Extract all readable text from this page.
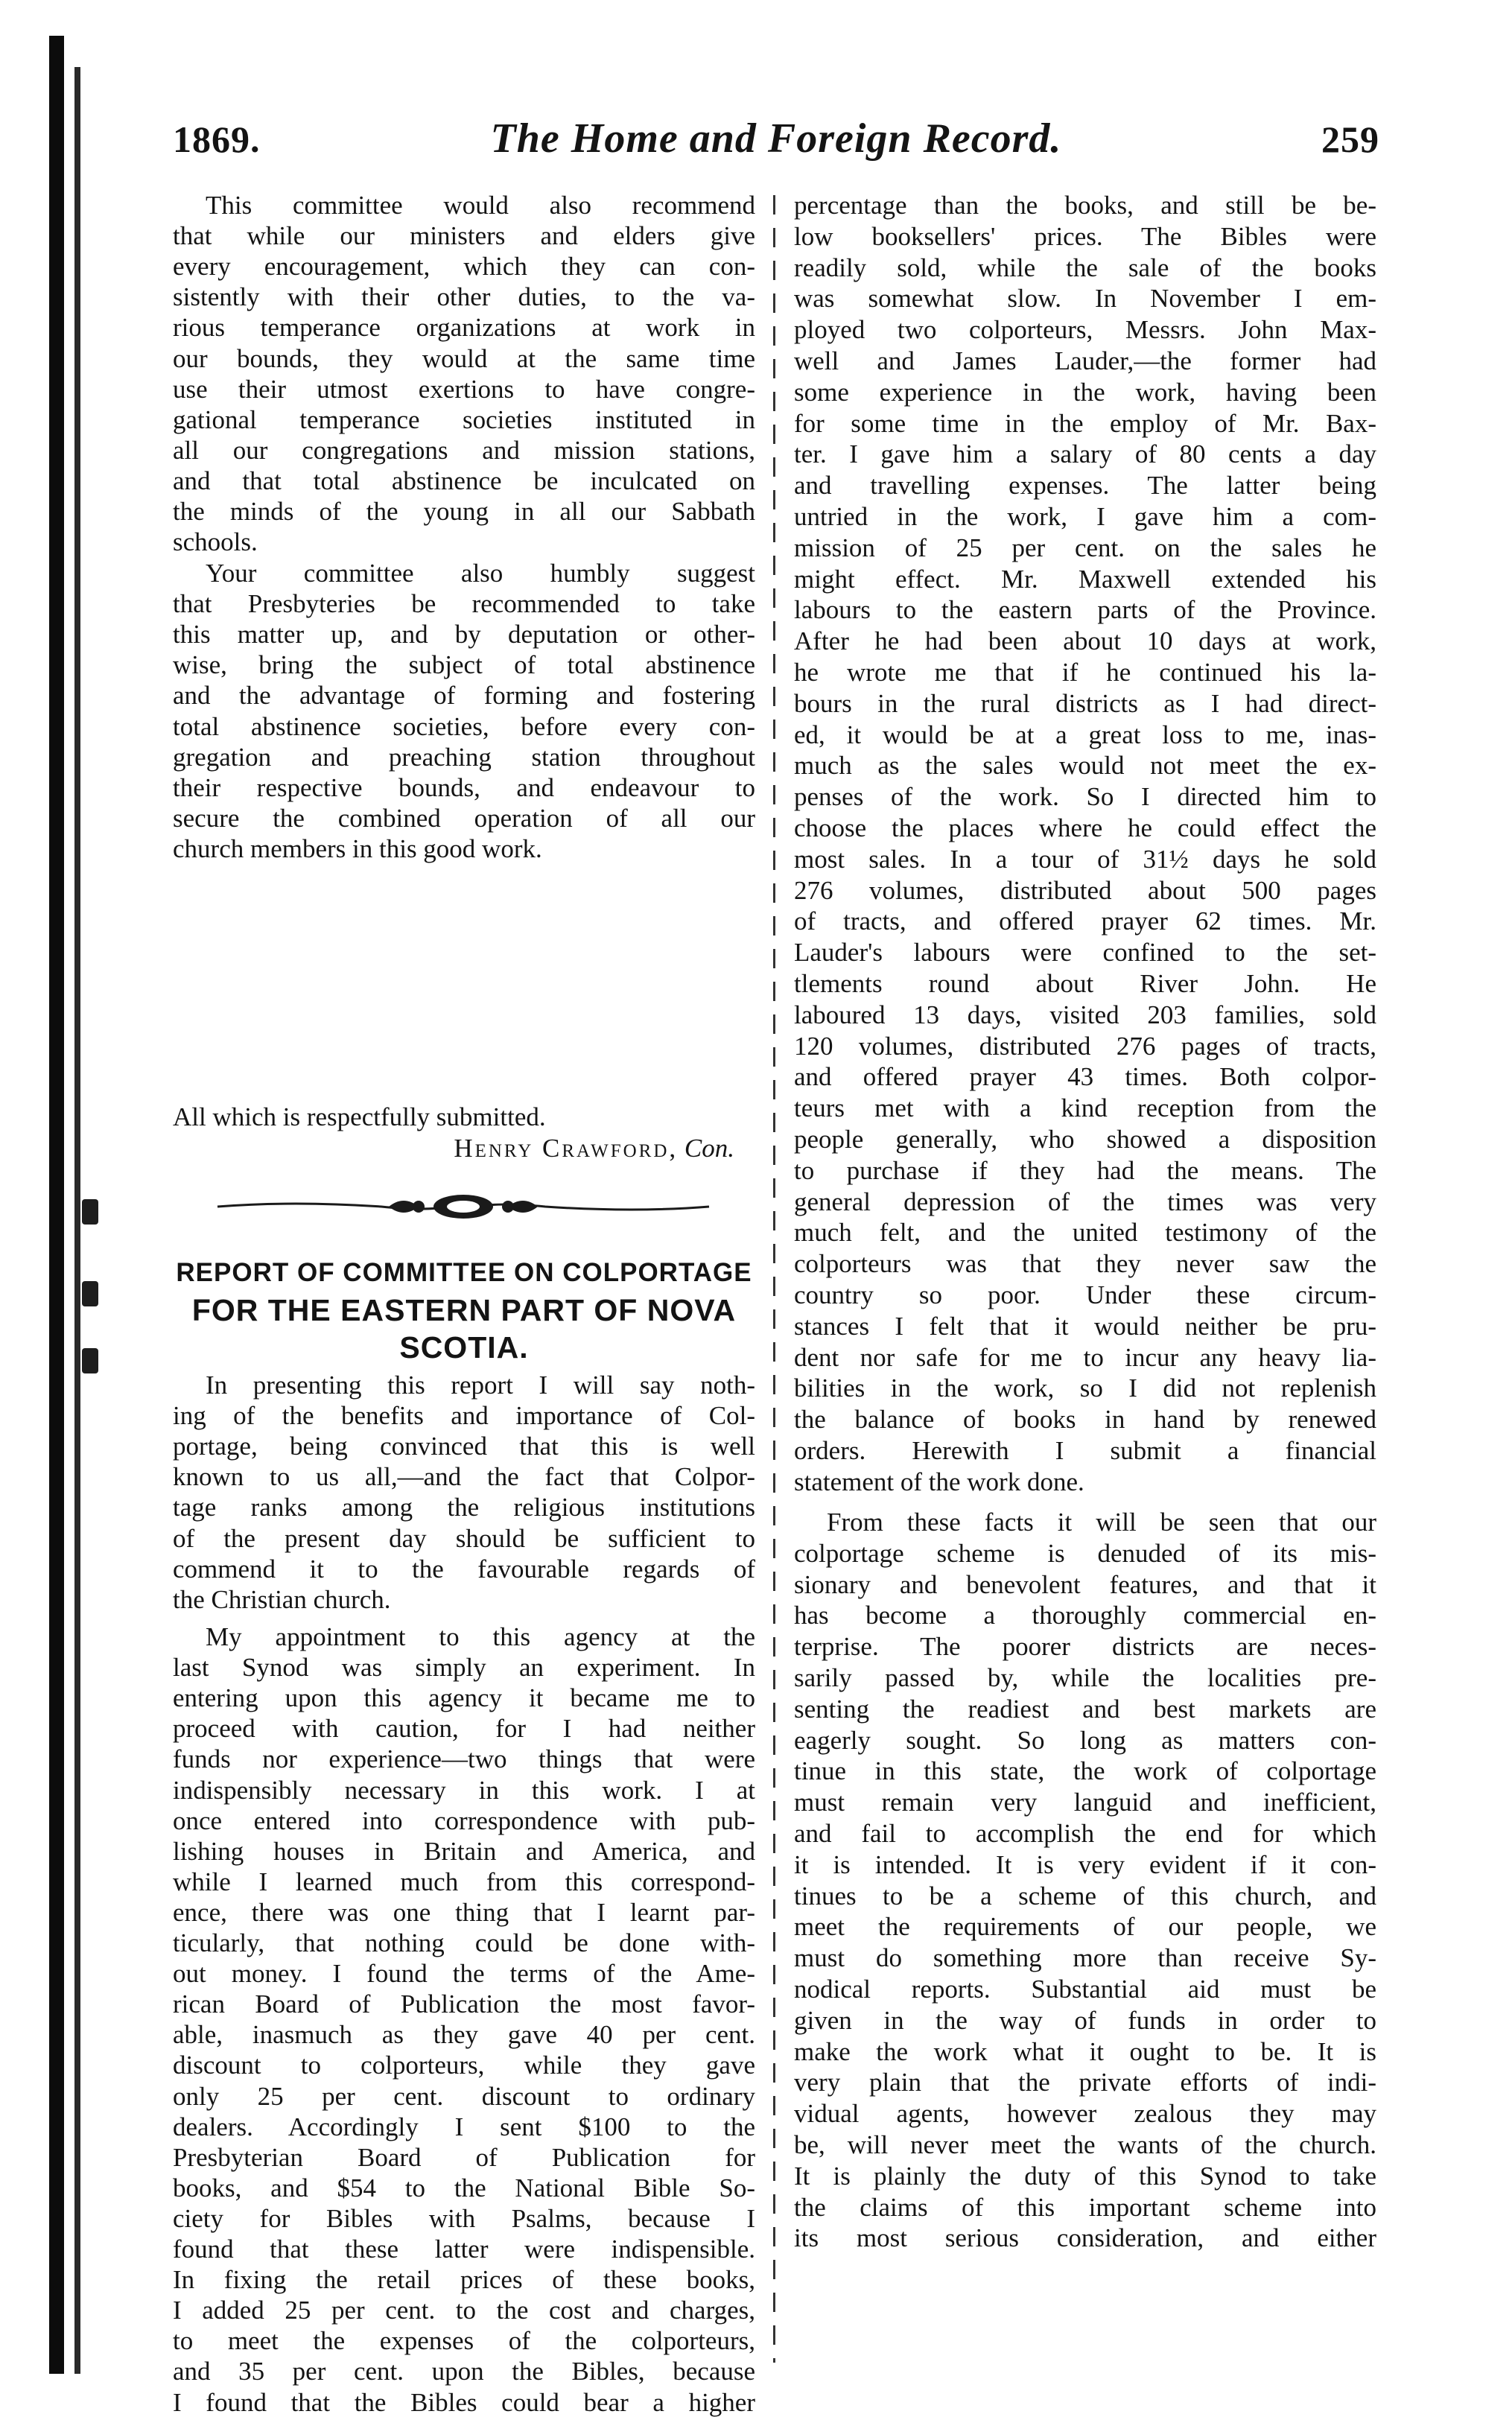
1869.	The Home and Foreign Record.	259
All which is respectfully submitted.
Henry Crawford, Con.
This committee would also recommend
that while our ministers and elders give
every encouragement, which they can con-
sistently with their other duties, to the va-
rious temperance organizations at work in
our bounds, they would at the same time
use their utmost exertions to have congre-
gational temperance societies instituted in
all our congregations and mission stations,
and that total abstinence be inculcated on
the minds of the young in all our Sabbath
schools.
Your committee also humbly suggest
that Presbyteries be recommended to take
this matter up, and by deputation or other-
wise, bring the subject of total abstinence
and the advantage of forming and fostering
total abstinence societies, before every con-
gregation and preaching station throughout
their respective bounds, and endeavour to
secure the combined operation of all our
church members in this good work.
REPORT OF COMMITTEE ON COLPORTAGE
FOR THE EASTERN PART OF NOVA
SCOTIA.
In presenting this report I will say noth-
ing of the benefits and importance of Col-
portage, being convinced that this is well
known to us all,—and the fact that Colpor-
tage ranks among the religious institutions
of the present day should be sufficient to
commend it to the favourable regards of
the Christian church.
My appointment to this agency at the
last Synod was simply an experiment. In
entering upon this agency it became me to
proceed with caution, for I had neither
funds nor experience—two things that were
indispensibly necessary in this work. I at
once entered into correspondence with pub-
lishing houses in Britain and America, and
while I learned much from this correspond-
ence, there was one thing that I learnt par-
ticularly, that nothing could be done with-
out money. I found the terms of the Ame-
rican Board of Publication the most favor-
able, inasmuch as they gave 40 per cent.
discount to colporteurs, while they gave
only 25 per cent. discount to ordinary
dealers. Accordingly I sent $100 to the
Presbyterian Board of Publication for
books, and $54 to the National Bible So-
ciety for Bibles with Psalms, because I
found that these latter were indispensible.
In fixing the retail prices of these books,
I added 25 per cent. to the cost and charges,
to meet the expenses of the colporteurs,
and 35 per cent. upon the Bibles, because
I found that the Bibles could bear a higher
percentage than the books, and still be be-
low booksellers' prices. The Bibles were
readily sold, while the sale of the books
was somewhat slow. In November I em-
ployed two colporteurs, Messrs. John Max-
well and James Lauder,—the former had
some experience in the work, having been
for some time in the employ of Mr. Bax-
ter. I gave him a salary of 80 cents a day
and travelling expenses. The latter being
untried in the work, I gave him a com-
mission of 25 per cent. on the sales he
might effect. Mr. Maxwell extended his
labours to the eastern parts of the Province.
After he had been about 10 days at work,
he wrote me that if he continued his la-
bours in the rural districts as I had direct-
ed, it would be at a great loss to me, inas-
much as the sales would not meet the ex-
penses of the work. So I directed him to
choose the places where he could effect the
most sales. In a tour of 31½ days he sold
276 volumes, distributed about 500 pages
of tracts, and offered prayer 62 times. Mr.
Lauder's labours were confined to the set-
tlements round about River John. He
laboured 13 days, visited 203 families, sold
120 volumes, distributed 276 pages of tracts,
and offered prayer 43 times. Both colpor-
teurs met with a kind reception from the
people generally, who showed a disposition
to purchase if they had the means. The
general depression of the times was very
much felt, and the united testimony of the
colporteurs was that they never saw the
country so poor. Under these circum-
stances I felt that it would neither be pru-
dent nor safe for me to incur any heavy lia-
bilities in the work, so I did not replenish
the balance of books in hand by renewed
orders. Herewith I submit a financial
statement of the work done.
From these facts it will be seen that our
colportage scheme is denuded of its mis-
sionary and benevolent features, and that it
has become a thoroughly commercial en-
terprise. The poorer districts are neces-
sarily passed by, while the localities pre-
senting the readiest and best markets are
eagerly sought. So long as matters con-
tinue in this state, the work of colportage
must remain very languid and inefficient,
and fail to accomplish the end for which
it is intended. It is very evident if it con-
tinues to be a scheme of this church, and
meet the requirements of our people, we
must do something more than receive Sy-
nodical reports. Substantial aid must be
given in the way of funds in order to
make the work what it ought to be. It is
very plain that the private efforts of indi-
vidual agents, however zealous they may
be, will never meet the wants of the church.
It is plainly the duty of this Synod to take
the claims of this important scheme into
its most serious consideration, and either
